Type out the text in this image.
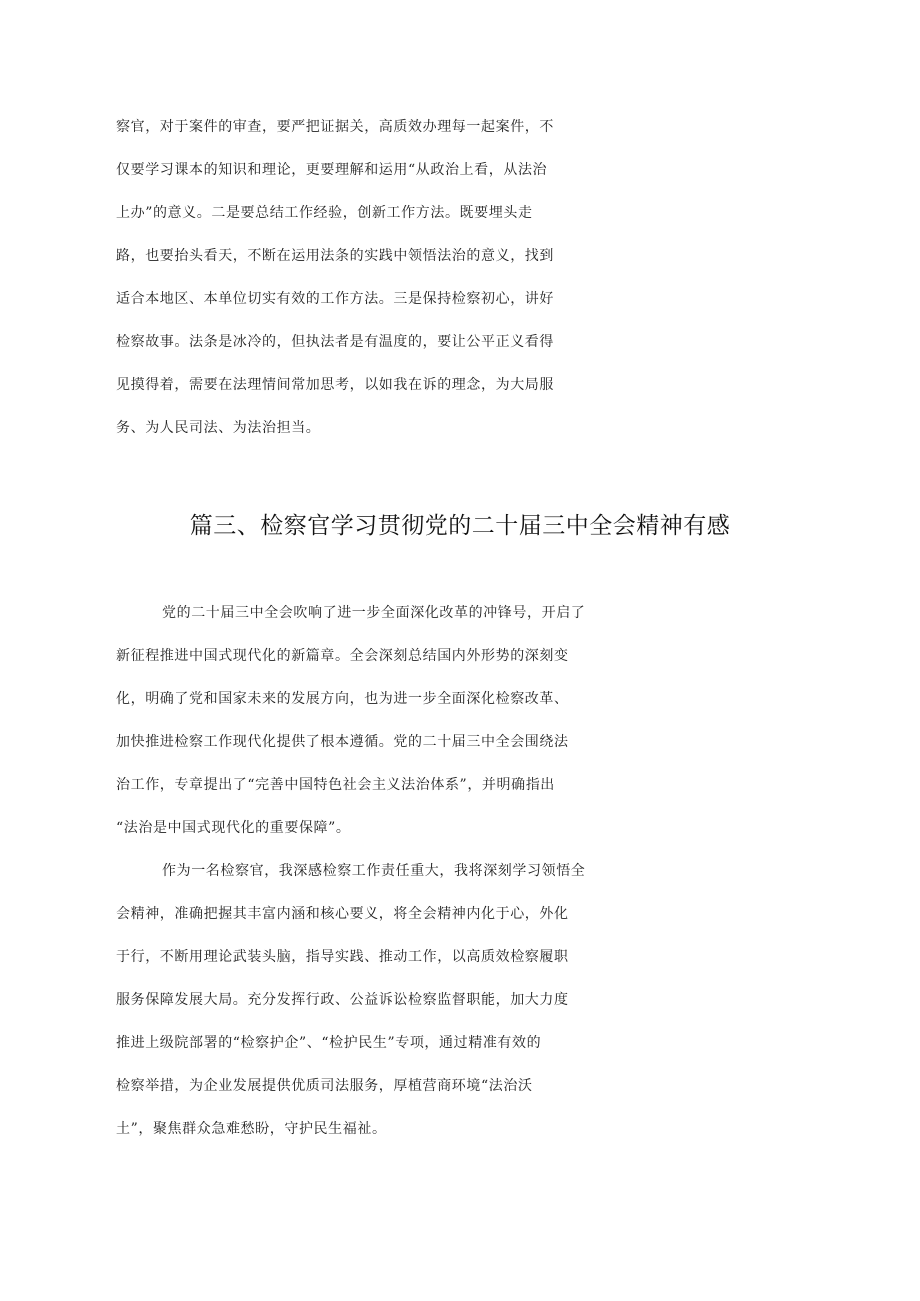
察官，对于案件的审查，要严把证据关，高质效办理每一起案件，不
仅要学习课本的知识和理论，更要理解和运用“从政治上看，从法治
上办”的意义。二是要总结工作经验，创新工作方法。既要埋头走
路，也要抬头看天，不断在运用法条的实践中领悟法治的意义，找到
适合本地区、本单位切实有效的工作方法。三是保持检察初心，讲好
检察故事。法条是冰冷的，但执法者是有温度的，要让公平正义看得
见摸得着，需要在法理情间常加思考，以如我在诉的理念，为大局服
务、为人民司法、为法治担当。
篇三、检察官学习贯彻党的二十届三中全会精神有感
党的二十届三中全会吹响了进一步全面深化改革的冲锋号，开启了
新征程推进中国式现代化的新篇章。全会深刻总结国内外形势的深刻变
化，明确了党和国家未来的发展方向，也为进一步全面深化检察改革、
加快推进检察工作现代化提供了根本遵循。党的二十届三中全会围绕法
治工作，专章提出了“完善中国特色社会主义法治体系”，并明确指出
“法治是中国式现代化的重要保障”。
作为一名检察官，我深感检察工作责任重大，我将深刻学习领悟全
会精神，准确把握其丰富内涵和核心要义，将全会精神内化于心，外化
于行，不断用理论武装头脑，指导实践、推动工作，以高质效检察履职
服务保障发展大局。充分发挥行政、公益诉讼检察监督职能，加大力度
推进上级院部署的“检察护企”、“检护民生”专项，通过精准有效的
检察举措，为企业发展提供优质司法服务，厚植营商环境“法治沃
土”，聚焦群众急难愁盼，守护民生福祉。
